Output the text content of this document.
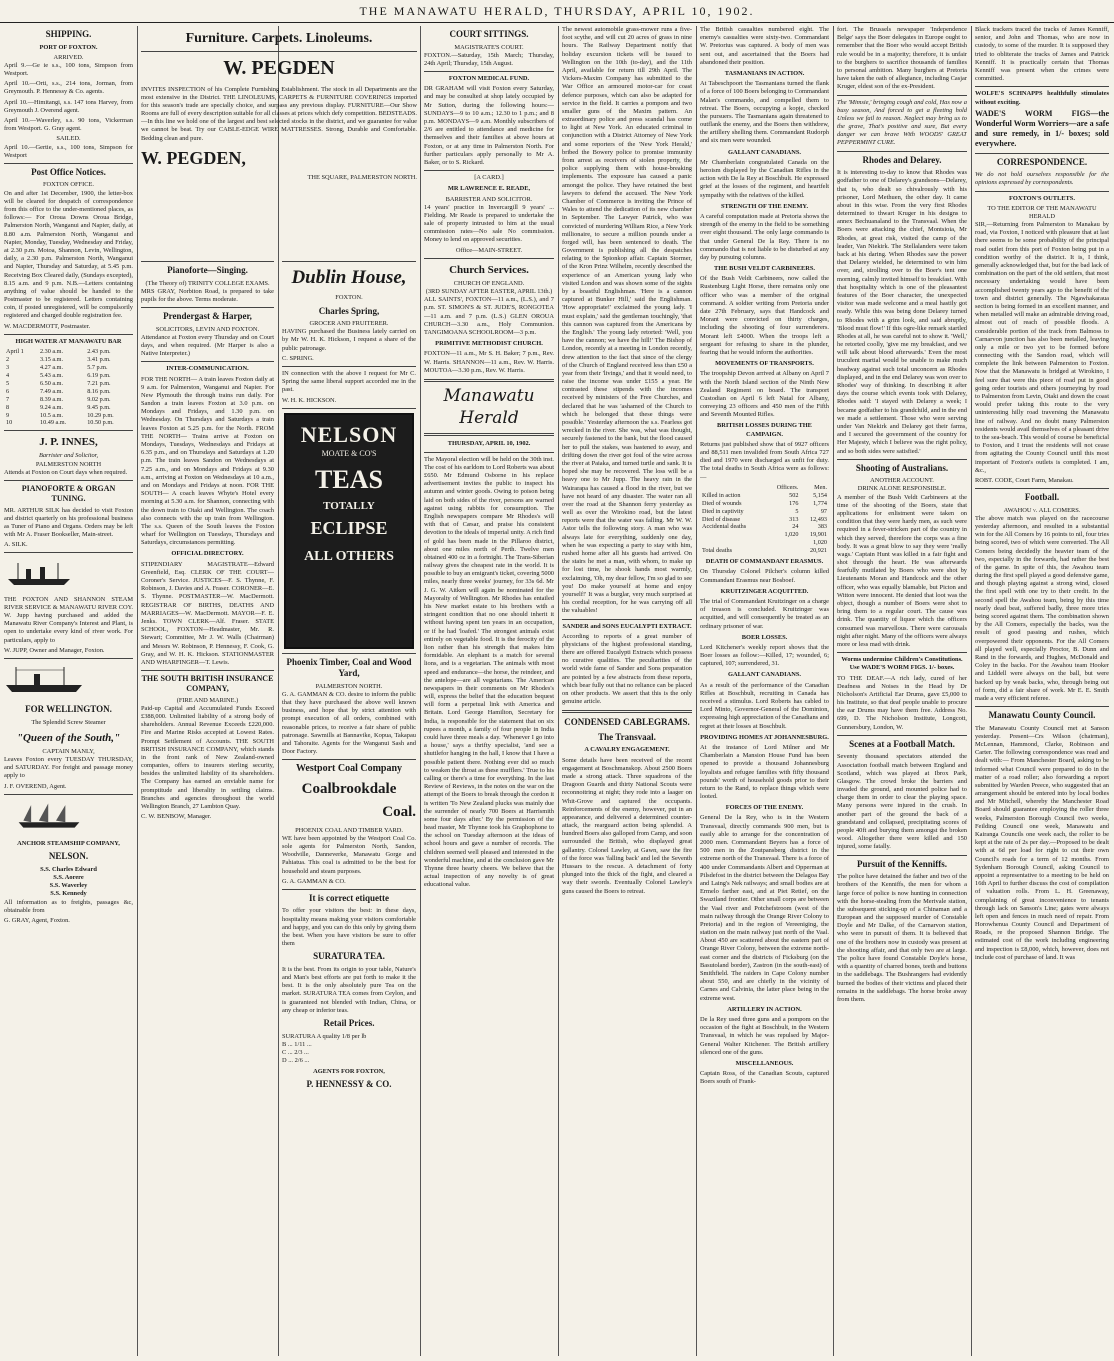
THE MANAWATU HERALD, THURSDAY, APRIL 10, 1902.
SHIPPING.
PORT OF FOXTON.
ARRIVED.

April 9.—Ge ie s.s., 100 tons, Simpson from Westport.

April 10.—Orti, s.s., 214 tons, Jorman, from Greymouth. P. Hennessy & Co. agents.

April 10.—Himitangi, s.s. 147 tons Harvey, from Greymouth J. Overend agent.

April 10.—Waverley, s.s. 90 tons, Vickerman from Westport. G. Gray agent.

SAILED.

April 10.—Gertie, s.s., 100 tons, Simpson for Westport

Post Office Notices.
FOXTON OFFICE.

On and after 1st December, 1900, the letter-box will be cleared for despatch of correspondence from this office to the under-mentioned places, as follows:— For Oroua Downs Oroua Bridge, Palmerston North, Wanganui and Napier, daily, at 8.80 a.m. Palmerston North, Wanganui and Napier, Monday, Tuesday, Wednesday and Friday, at 2.30 p.m. Motoa, Shannon, Levin, Wellington, daily, a 2.30 p.m. Palmerston North, Wanganui and Napier, Thursday and Saturday, at 5.45 p.m. Receiving Box Cleared daily, (Sundays excepted), 8.15 a.m. and 9 p.m. N.B.—Letters containing anything of value should be handed to the Postmaster to be registered. Letters containing coin, if posted unregistered, will be compulsorily registered and charged double registration fee.

W. MACDERMOTT, Postmaster.

HIGH WATER AT MANAWATU BAR
April 1	2.30 a.m.	2.43 p.m.
2	3.15 a.m.	3.41 p.m.
3	4.27 a.m.	5.7 p.m.
4	5.43 a.m.	6.19 p.m.
5	6.50 a.m.	7.21 p.m.
6	7.49 a.m.	8.16 p.m.
7	8.39 a.m.	9.02 p.m.
8	9.24 a.m.	9.45 p.m.
9	10.5 a.m.	10.29 p.m.
10	10.49 a.m.	10.50 p.m.
J. P. INNES,
Barrister and Solicitor,
PALMERSTON NORTH

Attends at Foxton on Court days when required.

PIANOFORTE & ORGAN TUNING.

MR. ARTHUR SILK has decided to visit Foxton and district quarterly on his professional business as Tuner of Piano and Organs. Orders may be left with Mr A. Fraser Bookseller, Main-street.

A. SILK.

THE FOXTON AND SHANNON STEAM RIVER SERVICE & MANAWATU RIVER COY. W. Jupp having purchased and added the Manawatu River Company's Interest and Plant, is open to undertake every kind of river work. For particulars, apply to

W. JUPP, Owner and Manager, Foxton.

FOR WELLINGTON.
The Splendid Screw Steamer
"Queen of the South,"
CAPTAIN MANLY,

Leaves Foxton every TUESDAY THURSDAY, and SATURDAY. For freight and passage money apply to

J. F. OVEREND, Agent.

ANCHOR STEAMSHIP COMPANY,
NELSON.
S.S. Charles Edward
S.S. Aorere
S.S. Waverley
S.S. Kennedy

All information as to freights, passages &c, obtainable from

G. GRAY, Agent, Foxton.

Furniture. Carpets. Linoleums.
W. PEGDEN

INVITES INSPECTION of his Complete Furnishing Establishment. The stock in all Departments are the most extensive in the District. THE LINOLEUMS, CARPETS & FURNITURE COVERINGS imported for this season's trade are specially choice, and surpass any previous display. FURNITURE—Our Show Rooms are full of every description suitable for all classes at prices which defy competition. BEDSTEADS.—In this line we hold one of the largest and best selected stocks in the district, and we guarantee for value we cannot be beat. Try our CABLE-EDGE WIRE MATTRESSES. Strong, Durable and Comfortable. Bedding clean and pure.

W. PEGDEN,
THE SQUARE, PALMERSTON NORTH.
Pianoforte—Singing.
(The Theory of) TRINITY COLLEGE EXAMS.

MRS GRAY, Norbiton Road, is prepared to take pupils for the above. Terms moderate.

Prendergast & Harper,
SOLICITORS, LEVIN AND FOXTON.

Attendance at Foxton every Thursday and on Court days, and when required. (Mr Harper is also a Native Interpreter.)

INTER-COMMUNICATION.

FOR THE NORTH— A train leaves Foxton daily at 9 a.m. for Palmerston, Wanganui and Napier. For New Plymouth the through trains run daily. For Sandon a train leaves Foxton at 3.0 p.m. on Mondays and Fridays, and 1.30 p.m. on Wednesday. On Thursdays and Saturdays a train leaves Foxton at 5.25 p.m. for the North. FROM THE NORTH— Trains arrive at Foxton on Mondays, Tuesdays, Wednesdays and Fridays at 6.35 p.m., and on Thursdays and Saturdays at 1.20 p.m. The train leaves Sandon on Wednesdays at 7.25 a.m., and on Mondays and Fridays at 9.30 a.m., arriving at Foxton on Wednesdays at 10 a.m., and on Mondays and Fridays at noon. FOR THE SOUTH— A coach leaves Whyte's Hotel every morning at 5.30 a.m. for Shannon, connecting with the down train to Otaki and Wellington. The coach also connects with the up train from Wellington. The s.s. Queen of the South leaves the Foxton wharf for Wellington on Tuesdays, Thursdays and Saturdays, circumstances permitting.

OFFICIAL DIRECTORY.

STIPENDIARY MAGISTRATE—Edward Greenfield, Esq. CLERK OF THE COURT—Coroner's Service. JUSTICES—F. S. Thynne, F. Robinson, J. Davies and A. Fraser. CORONER—E. S. Thynne. POSTMASTER—W. MacDermott. REGISTRAR OF BIRTHS, DEATHS AND MARRIAGES—W. MacDermott. MAYOR—F. E. Jenks. TOWN CLERK—Alf. Fraser. STATE SCHOOL, FOXTON—Headmaster, Mr. R. Stewart; Committee, Mr J. W. Walls (Chairman) and Messrs W. Robinson, P. Hennessy, F. Cook, G. Gray, and W. H. K. Hickson. STATIONMASTER AND WHARFINGER—T. Lewis.

THE SOUTH BRITISH INSURANCE COMPANY,
(FIRE AND MARINE.)

Paid-up Capital and Accumulated Funds Exceed £388,000. Unlimited liability of a strong body of shareholders. Annual Revenue Exceeds £220,000. Fire and Marine Risks accepted at Lowest Rates. Prompt Settlement of Accounts. THE SOUTH BRITISH INSURANCE COMPANY, which stands in the front rank of New Zealand-owned companies, offers to insurers sterling security, besides the unlimited liability of its shareholders. The Company has earned an enviable name for promptitude and liberality in settling claims. Branches and agencies throughout the world Wellington Branch, 27 Lambton Quay.

C. W. BENBOW, Manager.

Dublin House,
FOXTON.
Charles Spring,
GROCER AND FRUITERER.

HAVING purchased the Business lately carried on by Mr W. H. K. Hickson, I request a share of the public patronage.

C. SPRING.

IN connection with the above I request for Mr C. Spring the same liberal support accorded me in the past.

W. H. K. HICKSON.

NELSON
MOATE & CO'S
TEAS
TOTALLY
ECLIPSE
ALL OTHERS
Phoenix Timber, Coal and Wood Yard,
PALMERSTON NORTH.

G. A. GAMMAN & CO. desire to inform the public that they have purchased the above well known business, and hope that by strict attention with prompt execution of all orders, combined with reasonable prices, to receive a fair share of public patronage. Sawmills at Bannavike, Kopua, Takapau and Tahoraite. Agents for the Wanganui Sash and Door Factory.

Westport Coal Company
Coalbrookdale
Coal.
PHOENIX COAL AND TIMBER YARD.

WE have been appointed by the Westport Coal Co. sole agents for Palmerston North, Sandon, Woodville, Danneverke, Manawatu Gorge and Pahiatua. This coal is admitted to be the best for household and steam purposes.

G. A. GAMMAN & CO.

It is correct etiquette

To offer your visitors the best: in these days, hospitality means making your visitors comfortable and happy, and you can do this only by giving them the best. When you have visitors be sure to offer them

SURATURA TEA.

It is the best. From its origin to your table, Nature's and Man's best efforts are put forth to make it the best. It is the only absolutely pure Tea on the market. SURATURA TEA comes from Ceylon, and is guaranteed not blended with Indian, China, or any cheap or inferior teas.

Retail Prices.
SURATURA A quality 1/8 per lb
B ... 1/11 ...
C ... 2/3 ...
D ... 2/6 ...
AGENTS FOR FOXTON,
P. HENNESSY & CO.
COURT SITTINGS.
MAGISTRATE'S COURT.

FOXTON.—Saturday, 15th March; Thursday, 24th April; Thursday, 15th August.

FOXTON MEDICAL FUND.

DR GRAHAM will visit Foxton every Saturday, and may be consulted at shop lately occupied by Mr Sutton, during the following hours:— SUNDAYS—9 to 10 a.m.; 12.30 to 1 p.m.; and 8 p.m. MONDAYS—9 a.m. Monthly subscribers of 2/6 are entitled to attendance and medicine for themselves and their families at above hours at Foxton, or at any time in Palmerston North. For further particulars apply personally to Mr A. Baker, or to S. Rickard.

[A CARD.]
MR LAWRENCE E. READE,
BARRISTER AND SOLICITOR.

14 years' practice in Invercargill 9 years' ... Fielding. Mr Reade is prepared to undertake the sale of property intrusted to him at the usual commission rates—No sale No commission. Money to lend on approved securities.

Office—MAIN-STREET.
Church Services.
CHURCH OF ENGLAND.
(3RD SUNDAY AFTER EASTER, APRIL 13th.)

ALL SAINTS', FOXTON—11 a.m., (L.S.), and 7 p.m. ST. SIMON'S & ST. JUDE'S, RONGOTEA—11 a.m. and 7 p.m. (L.S.) GLEN OROUA CHURCH—3.30 a.m., Holy Communion. TANGIMOANA SCHOOLROOM—3 p.m.

PRIMITIVE METHODIST CHURCH.

FOXTON—11 a.m., Mr S. H. Baker; 7 p.m., Rev. W. Harris. SHANNON—11 a.m., Rev. W. Harris. MOUTOA—3.30 p.m., Rev. W. Harris.

Manawatu Herald
THURSDAY, APRIL 10, 1902.

The Mayoral election will be held on the 30th inst. The cost of his earldom to Lord Roberts was about £650. Mr Edmund Osborne in his replace advertisement invites the public to inspect his autumn and winter goods. Owing to poison being laid on both sides of the river, persons are warned against using rabbits for consumption. The English newspapers compare Mr Rhodes's will with that of Cæsar, and praise his consistent devotion to the ideals of imperial unity. A rich find of gold has been made in the Pillaroo district, about one miles north of Perth. Twelve men obtained 400 oz in a fortnight. The Trans-Siberian railway gives the cheapest rate in the world. It is possible to buy an emigrant's ticket, covering 5000 miles, nearly three weeks' journey, for 33s 6d. Mr J. G. W. Aitken will again be nominated for the Mayoralty of Wellington. Mr Rhodes has entailed his New market estate to his brothers with a stringent condition that no one should inherit it without having spent ten years in an occupation, or if he had 'loafed.' The strongest animals exist entirely on vegetable food. It is the ferocity of the lion rather than his strength that makes him formidable. An elephant is a match for several lions, and is a vegetarian. The animals with most speed and endurance—the horse, the reindeer, and the antelope—are all vegetarians. The American newspapers in their comments on Mr Rhodes's will, express the belief that the education bequest will form a perpetual link with America and Britain. Lord George Hamilton, Secretary for India, is responsible for the statement that on six rupees a month, a family of four people in India could have three meals a day. 'Whenever I go into a house,' says a thrifty specialist, 'and see a shuttlefor hanging in the hall, I know that I have a possible patient there. Nothing ever did so much to weaken the throat as these mufflers.' True to his calling or there's a time for everything. In the last Review of Reviews, in the notes on the war on the attempt of the Boers to break through the cordon it is written 'To New Zealand plucks was mainly due the surrender of nearly 700 Boers at Harrismith some four days after.' By the permission of the head master, Mr Thynne took his Graphophone to the school on Tuesday afternoon at the ideas of school hours and gave a number of records. The children seemed well pleased and interested in the wonderful machine, and at the conclusion gave Mr Thynne three hearty cheers. We believe that the actual inspection of any novelty is of great educational value.

The newest automobile grass-mower runs a five-foot scythe, and will cut 20 acres of grass in nine hours. The Railway Department notify that holiday excursion tickets will be issued to Wellington on the 10th (to-day), and the 11th April, available for return till 29th April. The Vickers-Maxim Company has submitted to the War Office an armoured motor-car for coast defence purposes, which can also be adapted for service in the field. It carries a pompom and two smaller guns of the Maxim pattern. An extraordinary police and press scandal has come to light at New York. An educated criminal in conjunction with a District Attorney of New York and some reporters of the 'New York Herald,' bribed the Bowery police to promise immunity from arrest as receivers of stolen property, the police supplying them with house-breaking implements. The exposure has caused a panic amongst the police. They have retained the best lawyers to defend the accused. The New York Chamber of Commerce is inviting the Prince of Wales to attend the dedication of its new chamber in September. The Lawyer Patrick, who was convicted of murdering William Rice, a New York millionaire, to secure a million pounds under a forged will, has been sentenced to death. The Government is publishing all the despatches relating to the Spionkop affair. Captain Stormer, of the Kron Prinz Wilhelm, recently described the experience of an American young lady who visited London and was shown some of the sights by a boastful Englishman. 'Here is a cannon captured at Bunker Hill,' said the Englishman. 'How appropriate!' exclaimed the young lady. 'I must explain,' said the gentleman touchingly, 'that this cannon was captured from the Americans by the English.' The young lady retorted: 'Well, you have the cannon; we have the hill!' The Bishop of London, recently at a meeting in London recently, drew attention to the fact that since of the clergy of the Church of England received less than £50 a year from their 'livings,' and that it would need, to raise the income was under £155 a year. He contrasted these stipends with the incomes received by ministers of the Free Churches, and declared that he was 'ashamed of the Church to which he belonged that these things were possible.' Yesterday afternoon the s.s. Fearless got wrecked in the river. She was, what was thought, securely fastened to the bank, but the flood caused her to pull the stakes, was hastened to away, and drifting down the river got foul of the wire across the river at Paiaka, and turned turtle and sank. It is hoped she may be recovered. The loss will be a heavy one to Mr Jupp. The heavy rain in the Wairarapa has caused a flood in the river, but we have not heard of any disaster. The water ran all over the road at the Shannon ferry yesterday as well as over the Wirokino road, but the latest reports were that the water was falling. Mr W. W. Astor tells the following story. A man who was always late for everything, suddenly one day, when he was expecting a party to stay with him, rushed home after all his guests had arrived. On the stairs he met a man, with whom, to make up for lost time, he shook hands most warmly, exclaiming, 'Oh, my dear fellow, I'm so glad to see you! Do make yourself at home and enjoy yourself!' It was a burglar, very much surprised at his cordial reception, for he was carrying off all the valuables!

SANDER and SONS EUCALYPTI EXTRACT.

According to reports of a great number of physicians of the highest professional standing, there are offered Eucalypti Extracts which possess no curative qualities. The peculiarities of the world wide fame of Sander and Sons preparation are pointed by a few abstracts from these reports, which bear fully out that no reliance can be placed on other products. We assert that this is the only genuine article.

CONDENSED CABLEGRAMS.
The Transvaal.
A CAVALRY ENGAGEMENT.

Some details have been received of the recent engagement at Boschmanskop. About 2500 Boers made a strong attack. Three squadrons of the Dragoon Guards and thirty National Scouts were reconnoitring at night; they rode into a laager on Whit-Grove and captured the occupants. Reinforcements of the enemy, however, put in an appearance, and delivered a determined counter-attack, the rearguard action being splendid. A hundred Boers also galloped from Camp, and soon surrounded the British, who displayed great gallantry. Colonel Lawley, at Gawn, saw the fire of the force was 'falling back' and led the Seventh Hussars to the rescue. A detachment of forty plunged into the thick of the fight, and cleared a way their swords. Eventually Colonel Lawley's guns caused the Boers to retreat.

The British casualties numbered eight. The enemy's casualties were sixty-two. Commandant W. Pretorius was captured. A body of men was sent out, and ascertained that the Boers had abandoned their position.

TASMANIANS IN ACTION.

At Tabeschpoort the Tasmanians turned the flank of a force of 100 Boers belonging to Commandant Malan's commando, and compelled them to retreat. The Boers, occupying a kopje, checked the pursuers. The Tasmanians again threatened to outflank the enemy, and the Boers then withdrew, the artillery shelling them. Commandant Rudorph and six men were wounded.

GALLANT CANADIANS.

Mr Chamberlain congratulated Canada on the heroism displayed by the Canadian Rifles in the action with De la Rey at Boschbult. He expressed grief at the losses of the regiment, and heartfelt sympathy with the relatives of the killed.

STRENGTH OF THE ENEMY.

A careful computation made at Pretoria shows the strength of the enemy in the field to be something over eight thousand. The only large commando is that under General De la Rey. There is no commando that is not liable to be disturbed at any day by pursuing columns.

THE BUSH VELDT CARBINEERS.

Of the Bush Veldt Carbineers, now called the Rustenburg Light Horse, there remains only one officer who was a member of the original command. A soldier writing from Pretoria under date 27th February, says that Handcock and Morant were convicted on thirty charges, including the shooting of four surrenderers. Morant left £4000. When the troops left a sergeant for refusing to share in the plunder, fearing that he would inform the authorities.

MOVEMENTS OF TRANSPORTS.

The troopship Devon arrived at Albany on April 7 with the North Island section of the Ninth New Zealand Regiment on board. The transport Custodian on April 6 left Natal for Albany, conveying 23 officers and 450 men of the Fifth and Seventh Mounted Rifles.

BRITISH LOSSES DURING THE CAMPAIGN.

Returns just published show that of 9927 officers and 88,511 men invalided from South Africa 727 died and 1970 were discharged as unfit for duty. The total deaths in South Africa were as follows:—

	Officers.	Men.
Killed in action	502	5,154
Died of wounds	176	1,774
Died in captivity	5	97
Died of disease	313	12,493
Accidental deaths	24	383
	1,020	19,901
		1,020
Total deaths		20,921
DEATH OF COMMANDANT ERASMUS.

On Thursday Colonel Pilcher's column killed Commandant Erasmus near Bosboef.

KRUITZINGER ACQUITTED.

The trial of Commandant Kruitzinger on a charge of treason is concluded. Kruitzinger was acquitted, and will consequently be treated as an ordinary prisoner of war.

BOER LOSSES.

Lord Kitchener's weekly report shows that the Boer losses as follow:—Killed, 17; wounded, 6; captured, 107; surrendered, 31.

GALLANT CANADIANS.

As a result of the performance of the Canadian Rifles at Boschbult, recruiting in Canada has received a stimulus. Lord Roberts has cabled to Lord Minto, Governor-General of the Dominion, expressing high appreciation of the Canadians and regret at their losses at Boschbult.

PROVIDING HOMES AT JOHANNESBURG.

At the instance of Lord Milner and Mr Chamberlain a Mansion House Fund has been opened to provide a thousand Johannesburg loyalists and refugee families with fifty thousand pounds' worth of household goods prior to their return to the Rand, to replace things which were looted.

FORCES OF THE ENEMY.

General De la Rey, who is in the Western Transvaal, directly commands 900 men, but is easily able to arrange for the concentration of 2000 men. Commandant Beyers has a force of 500 men in the Zoutpansberg district in the extreme north of the Transvaal. There is a force of 400 under Commandants Albert and Opperman at Pilsdefost in the district between the Delagoa Bay and Laing's Nek railways; and small bodies are at Ermelo farther east, and at Piet Retief, on the Swaziland frontier. Other small corps are between the Vaal river and Potchefstroom (west of the main railway through the Orange River Colony to Pretoria) and in the region of Vereeniging, the station on the main railway just north of the Vaal. About 450 are scattered about the eastern part of Orange River Colony, between the extreme north-east corner and the districts of Ficksburg (on the Basutoland border), Zastron (in the south-east) of Smithfield. The raiders in Cape Colony number about 550, and are chiefly in the vicinity of Carnes and Calvinia, the latter place being in the extreme west.

ARTILLERY IN ACTION.

De la Rey used three guns and a pompom on the occasion of the fight at Boschbult, in the Western Transvaal, in which he was repulsed by Major-General Walter Kitchener. The British artillery silenced one of the guns.

MISCELLANEOUS.

Captain Ross, of the Canadian Scouts, captured Boers south of Frank-

fort. The Brussels newspaper 'Independence Belge' says the Boer delegates in Europe ought to remember that the Boer who would accept British rule would be in a majority; therefore, it is unfair to the burghers to sacrifice thousands of families to personal ambition. Many burghers at Pretoria have taken the oath of allegiance, including Casjar Kruger, eldest son of the ex-President.

The 'Mimsie,' bringing cough and cold, Has now a busy season, And forced to get a fleeting hold Unless we fail to reason. Neglect may bring us to the grave, That's positive and sure, But every danger we can brave With WOODS' GREAT PEPPERMINT CURE.

Rhodes and Delarey.

It is interesting to-day to know that Rhodes was godfather to one of Delarey's grandsons—Delarey, that is, who dealt so chivalrously with his prisoner, Lord Methuen, the other day. It came about in this wise. From the very first Rhodes determined to thwart Kruger in his designs to annex Bechuanaland to the Transvaal. When the Boers were attacking the chief, Montsioia, Mr Rhodes, at great risk, visited the camp of the leader, Van Niekirk. The Stellalanders were taken back at his daring. When Rhodes saw the power that Delarey wielded, he determined to win him over, and, strolling over to the Boer's tent one morning, calmly invited himself to breakfast. With that hospitality which is one of the pleasantest features of the Boer character, the unexpected visitor was made welcome and a meal hastily got ready. While this was being done Delarey turned to Rhodes with a grim look, and said abruptly, 'Blood must flow!' If this ogre-like remark startled Rhodes at all, he was careful not to show it. 'Well,' he retorted coolly, 'give me my breakfast, and we will talk about blood afterwards.' Even the most truculent martial would be unable to make much headway against such total unconcern as Rhodes displayed, and in the end Delarey was won over to Rhodes' way of thinking. In describing it after days the course which events took with Delarey, Rhodes said: 'I stayed with Delarey a week; I became godfather to his grandchild, and in the end we made a settlement. Those who were serving under Van Niekirk and Delarey got their farms, and I secured the government of the country for Her Majesty, which I believe was the right policy, and so both sides were satisfied.'

Shooting of Australians.
ANOTHER ACCOUNT.
DRINK ALONE RESPONSIBLE.

A member of the Bush Veldt Carbineers at the time of the shooting of the Boers, state that applications for enlistment were taken on condition that they were hardy men, as such were required in a fever-stricken part of the country in which they served, therefore the corps was a fine body. It was a great blow to say they were 'really wags.' Captain Hunt was killed in a fair fight and shot through the heart. He was afterwards fearfully mutilated by Boers who were shot by Lieutenants Moran and Handcock and the other officer, who was equally blamable, but Picton and Witton were innocent. He denied that loot was the object, though a number of Boers were shot to bring them to a regular court. The cause was drink. The quantity of liquor which the officers consumed was marvellous. There were carousals night after night. Many of the officers were always more or less mad with drink.

Worms undermine Children's Constitutions. Use WADE'S WORM FIGS. 1/- boxes.

TO THE DEAF.—A rich lady, cured of her Deafness and Noises in the Head by Dr Nicholson's Artificial Ear Drums, gave £5,000 to his Institute, so that deaf people unable to procure the ear Drums may have them free. Address No. 699, D. The Nicholson Institute, Longcott, Gunnersbury, London, W.

Scenes at a Football Match.

Seventy thousand spectators attended the Association football match between England and Scotland, which was played at Ibrox Park, Glasgow. The crowd broke the barriers and invaded the ground, and mounted police had to charge them in order to clear the playing space. Many persons were injured in the crush. In another part of the ground the back of a grandstand and collapsed, precipitating scores of people 40ft and burying them amongst the broken wood. Altogether there were killed and 150 injured, some fatally.

Pursuit of the Kenniffs.

The police have detained the father and two of the brothers of the Kenniffs, the men for whom a large force of police is now hunting in connection with the horse-stealing from the Merivale station, the subsequent sticking-up of a Chinaman and a European and the supposed murder of Constable Doyle and Mr Dalke, of the Carnarvon station, who were in pursuit of them. It is believed that one of the brothers now in custody was present at the shooting affair, and that only two are at large. The police have found Constable Doyle's horse, with a quantity of charred bones, teeth and buttons in the saddlebags. The Bushrangers had evidently burned the bodies of their victims and placed their remains in the saddlebags. The horse broke away from them.

Black trackers traced the tracks of James Kenniff, senior, and John and Thomas, who are now in custody, to some of the murder. It is supposed they tried to obliterate the tracks of James and Patrick Kenniff. It is practically certain that Thomas Kenniff was present when the crimes were committed.

WOLFE'S SCHNAPPS healthfully stimulates without exciting.

WADE'S WORM FIGS—the Wonderful Worm Worriers—are a safe and sure remedy, in 1/- boxes; sold everywhere.

CORRESPONDENCE.

We do not hold ourselves responsible for the opinions expressed by correspondents.

FOXTON'S OUTLETS.
TO THE EDITOR OF THE MANAWATU HERALD

SIR,—Returning from Palmerston to Manakau by road, via Foxton, I noticed with pleasure that at last there seems to be some probability of the principal road outlet from this port of Foxton being put in a condition worthy of the district. It is, I think, generally acknowledged that, but for the bad lack of combination on the part of the old settlers, that most necessary undertaking would have been accomplished twenty years ago to the benefit of the town and district generally. The Ngawhakaraua section is being formed in an excellent manner, and when metalled will make an admirable driving road, almost out of reach of possible floods. A considerable portion of the track from Balmoss to Carnarvon junction has also been metalled, leaving only a mile or two yet to be formed before connecting with the Sandon road, which will complete the link between Palmerston to Foxton. Now that the Manawatu is bridged at Wirokino, I feel sure that were this piece of road put in good going order tourists and others journeying by road to Palmerston from Levin, Otaki and down the coast would prefer taking this route to the very uninteresting hilly road traversing the Manawatu line of railway. And no doubt many Palmerston residents would avail themselves of a pleasant drive to the sea-beach. This would of course be beneficial to Foxton, and I trust the residents will not cease from agitating the County Council until this most important of Foxton's outlets is completed. I am, &c.,

ROBT. CODE, Court Farm, Manakau.

Football.
AWAHOU v. ALL COMERS.

The above match was played on the racecourse yesterday afternoon, and resulted in a substantial win for the All Comers by 16 points to nil, four tries being scored, two of which were converted. The All Comers being decidedly the heavier team of the two, especially in the forwards, had rather the best of the game. In spite of this, the Awahou team during the first spell played a good defensive game, and though playing against a strong wind, closed the first spell with one try to their credit. In the second spell the Awahou team, being by this time nearly dead beat, suffered badly, three more tries being scored against them. The combination shown by the All Comers, especially the backs, was the result of good passing and rushes, which overpowered their opponents. For the All Comers all played well, especially Proctor, B. Dunn and Rand in the forwards, and Hughes, McDonald and Coley in the backs. For the Awahou team Hooker and Liddell were always on the ball, but were backed up by weak backs, who, through being out of form, did a fair share of work. Mr E. E. Smith made a very efficient referee.

Manawatu County Council.

The Manawatu County Council met at Sanson yesterday. Present—Crs Wilson (chairman), McLennan, Hammond, Clarke, Robinson and Carter. The following correspondence was read and dealt with:— From Manchester Board, asking to be informed what Council were prepared to do in the matter of a road roller; also forwarding a report submitted by Warden Preece, who suggested that an arrangement should be entered into by local bodies and Mr Mitchell, whereby the Manchester Road Board should guarantee employing the roller three weeks, Palmerston Borough Council two weeks, Feilding Council one week, Manawatu and Kairanga Councils one week each, the roller to be kept at the rate of 2s per day.—Proposed to be dealt with at 6d per load for right to cut their own Council's roads for a term of 12 months. From Sydenham Borough Council, asking Council to appoint a representative to a meeting to be held on 16th April to further discuss the cost of compilation of valuation rolls. From L. H. Greenaway, complaining of great inconvenience to tenants through lack on Sanson's Line; gates were always left open and fences in much need of repair. From Horowhenua County Council and Department of Roads, re the proposed Shannon Bridge. The estimated cost of the work including engineering and inspection is £8,000, which, however, does not include cost of purchase of land. It was
